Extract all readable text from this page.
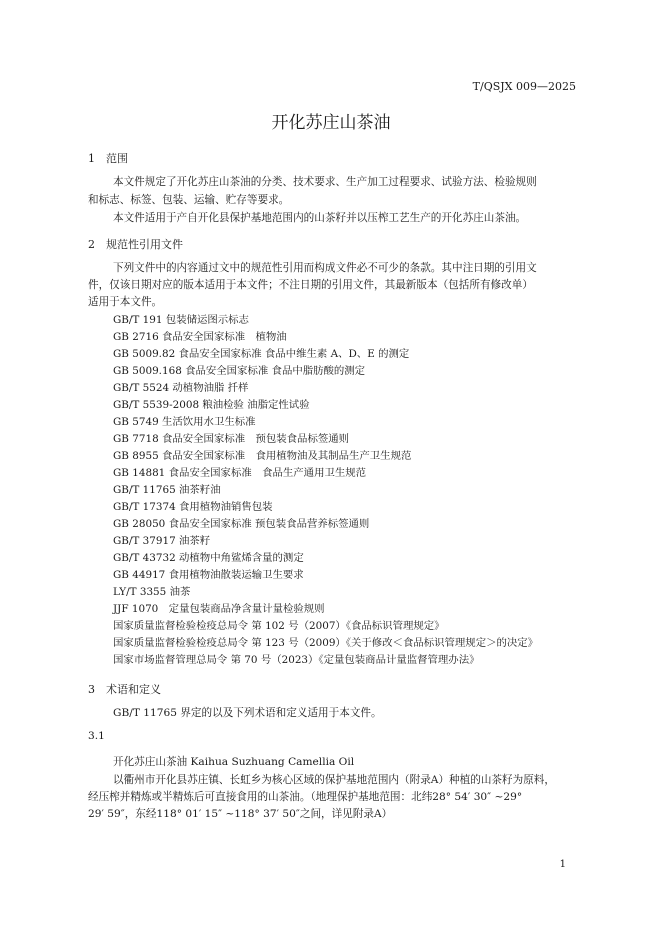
T/QSJX 009—2025
开化苏庄山茶油
1　范围
本文件规定了开化苏庄山茶油的分类、技术要求、生产加工过程要求、试验方法、检验规则
和标志、标签、包装、运输、贮存等要求。
本文件适用于产自开化县保护基地范围内的山茶籽并以压榨工艺生产的开化苏庄山茶油。
2　规范性引用文件
下列文件中的内容通过文中的规范性引用而构成文件必不可少的条款。其中注日期的引用文
件，仅该日期对应的版本适用于本文件；不注日期的引用文件，其最新版本（包括所有修改单）
适用于本文件。
GB/T 191 包装储运图示标志
GB 2716 食品安全国家标准　植物油
GB 5009.82 食品安全国家标准 食品中维生素 A、D、E 的测定
GB 5009.168 食品安全国家标准 食品中脂肪酸的测定
GB/T 5524 动植物油脂 扦样
GB/T 5539-2008 粮油检验 油脂定性试验
GB 5749 生活饮用水卫生标准
GB 7718 食品安全国家标准　预包装食品标签通则
GB 8955 食品安全国家标准　食用植物油及其制品生产卫生规范
GB 14881 食品安全国家标准　食品生产通用卫生规范
GB/T 11765 油茶籽油
GB/T 17374 食用植物油销售包装
GB 28050 食品安全国家标准 预包装食品营养标签通则
GB/T 37917 油茶籽
GB/T 43732 动植物中角鲨烯含量的测定
GB 44917 食用植物油散装运输卫生要求
LY/T 3355 油茶
JJF 1070　定量包装商品净含量计量检验规则
国家质量监督检验检疫总局令 第 102 号（2007）《食品标识管理规定》
国家质量监督检验检疫总局令 第 123 号（2009）《关于修改＜食品标识管理规定＞的决定》
国家市场监督管理总局令 第 70 号（2023）《定量包装商品计量监督管理办法》
3　术语和定义
GB/T 11765 界定的以及下列术语和定义适用于本文件。
3.1
开化苏庄山茶油 Kaihua Suzhuang Camellia Oil
以衢州市开化县苏庄镇、长虹乡为核心区域的保护基地范围内（附录A）种植的山茶籽为原料，
经压榨并精炼或半精炼后可直接食用的山茶油。（地理保护基地范围：北纬28° 54′ 30″ ~29°
29′ 59″，东经118° 01′ 15″ ~118° 37′ 50″之间，详见附录A）
1
